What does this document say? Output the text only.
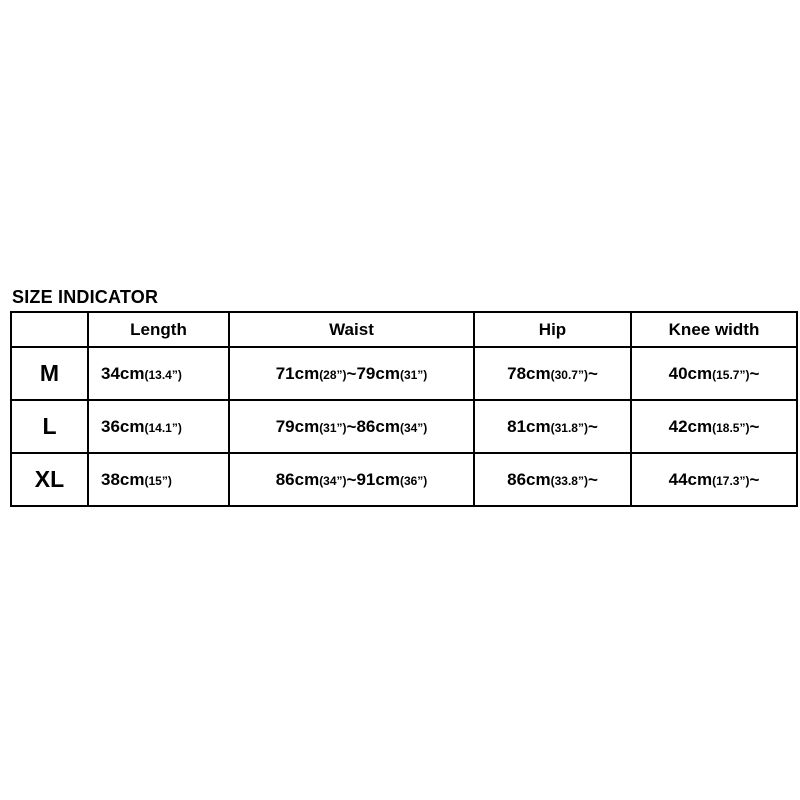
SIZE INDICATOR
	Length	Waist	Hip	Knee width
M	34cm(13.4”)	71cm(28”)~79cm(31”)	78cm(30.7”)~	40cm(15.7”)~
L	36cm(14.1”)	79cm(31”)~86cm(34”)	81cm(31.8”)~	42cm(18.5”)~
XL	38cm(15”)	86cm(34”)~91cm(36”)	86cm(33.8”)~	44cm(17.3”)~
